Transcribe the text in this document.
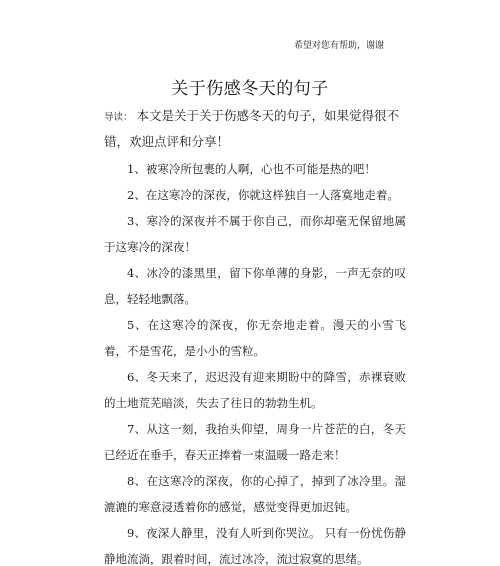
希望对您有帮助，谢谢
关于伤感冬天的句子
导读： 本文是关于关于伤感冬天的句子，如果觉得很不错，欢迎点评和分享！

1、被寒冷所包裹的人啊，心也不可能是热的吧！

2、在这寒冷的深夜，你就这样独自一人落寞地走着。

3、寒冷的深夜并不属于你自己，而你却毫无保留地属于这寒冷的深夜！

4、冰冷的漆黑里，留下你单薄的身影，一声无奈的叹息，轻轻地飘落。

5、在这寒冷的深夜，你无奈地走着。漫天的小雪飞着，不是雪花，是小小的雪粒。

6、冬天来了，迟迟没有迎来期盼中的降雪，赤裸衰败的土地荒芜暗淡，失去了往日的勃勃生机。

7、从这一刻，我抬头仰望，周身一片苍茫的白，冬天已经近在垂手，春天正捧着一束温暖一路走来！

8、在这寒冷的深夜，你的心掉了，掉到了冰冷里。湿漉漉的寒意浸透着你的感觉，感觉变得更加迟钝。

9、夜深人静里，没有人听到你哭泣。 只有一份忧伤静静地流淌，跟着时间，流过冰冷，流过寂寞的思绪。
